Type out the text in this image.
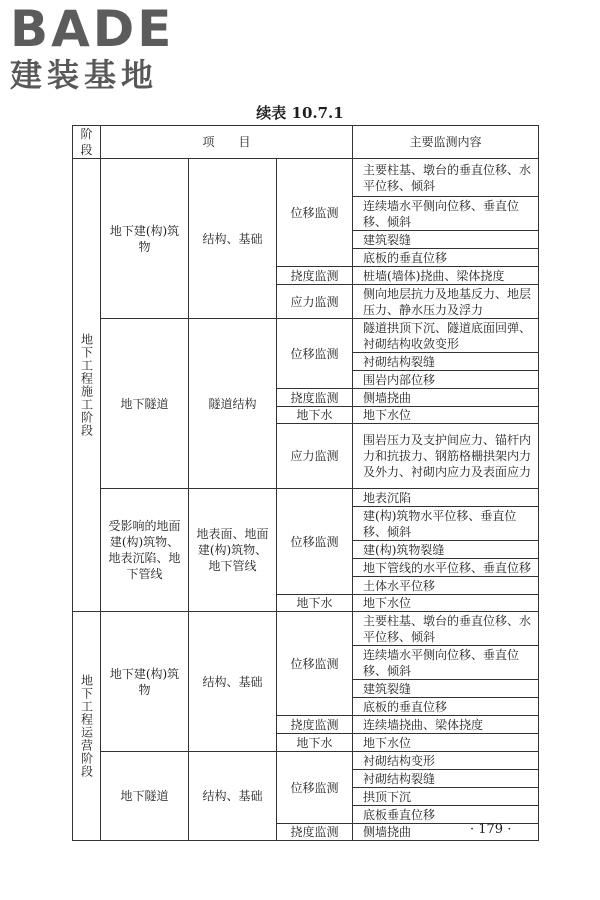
BADE
建装基地
续表 10.7.1
阶段	项　　目			主要监测内容
地下工程施工阶段	地下建(构)筑物	结构、基础	位移监测	主要柱基、墩台的垂直位移、水平位移、倾斜
				连续墙水平侧向位移、垂直位移、倾斜
				建筑裂缝
				底板的垂直位移
			挠度监测	桩墙(墙体)挠曲、梁体挠度
			应力监测	侧向地层抗力及地基反力、地层压力、静水压力及浮力
	地下隧道	隧道结构	位移监测	隧道拱顶下沉、隧道底面回弹、衬砌结构收敛变形
				衬砌结构裂缝
				围岩内部位移
			挠度监测	侧墙挠曲
			地下水	地下水位
			应力监测	围岩压力及支护间应力、锚杆内力和抗拔力、钢筋格栅拱架内力及外力、衬砌内应力及表面应力
	受影响的地面建(构)筑物、地表沉陷、地下管线	地表面、地面建(构)筑物、地下管线	位移监测	地表沉陷
				建(构)筑物水平位移、垂直位移、倾斜
				建(构)筑物裂缝
				地下管线的水平位移、垂直位移
				土体水平位移
			地下水	地下水位
地下工程运营阶段	地下建(构)筑物	结构、基础	位移监测	主要柱基、墩台的垂直位移、水平位移、倾斜
				连续墙水平侧向位移、垂直位移、倾斜
				建筑裂缝
				底板的垂直位移
			挠度监测	连续墙挠曲、梁体挠度
			地下水	地下水位
	地下隧道	结构、基础	位移监测	衬砌结构变形
				衬砌结构裂缝
				拱顶下沉
				底板垂直位移
			挠度监测	侧墙挠曲	· 179 ·
